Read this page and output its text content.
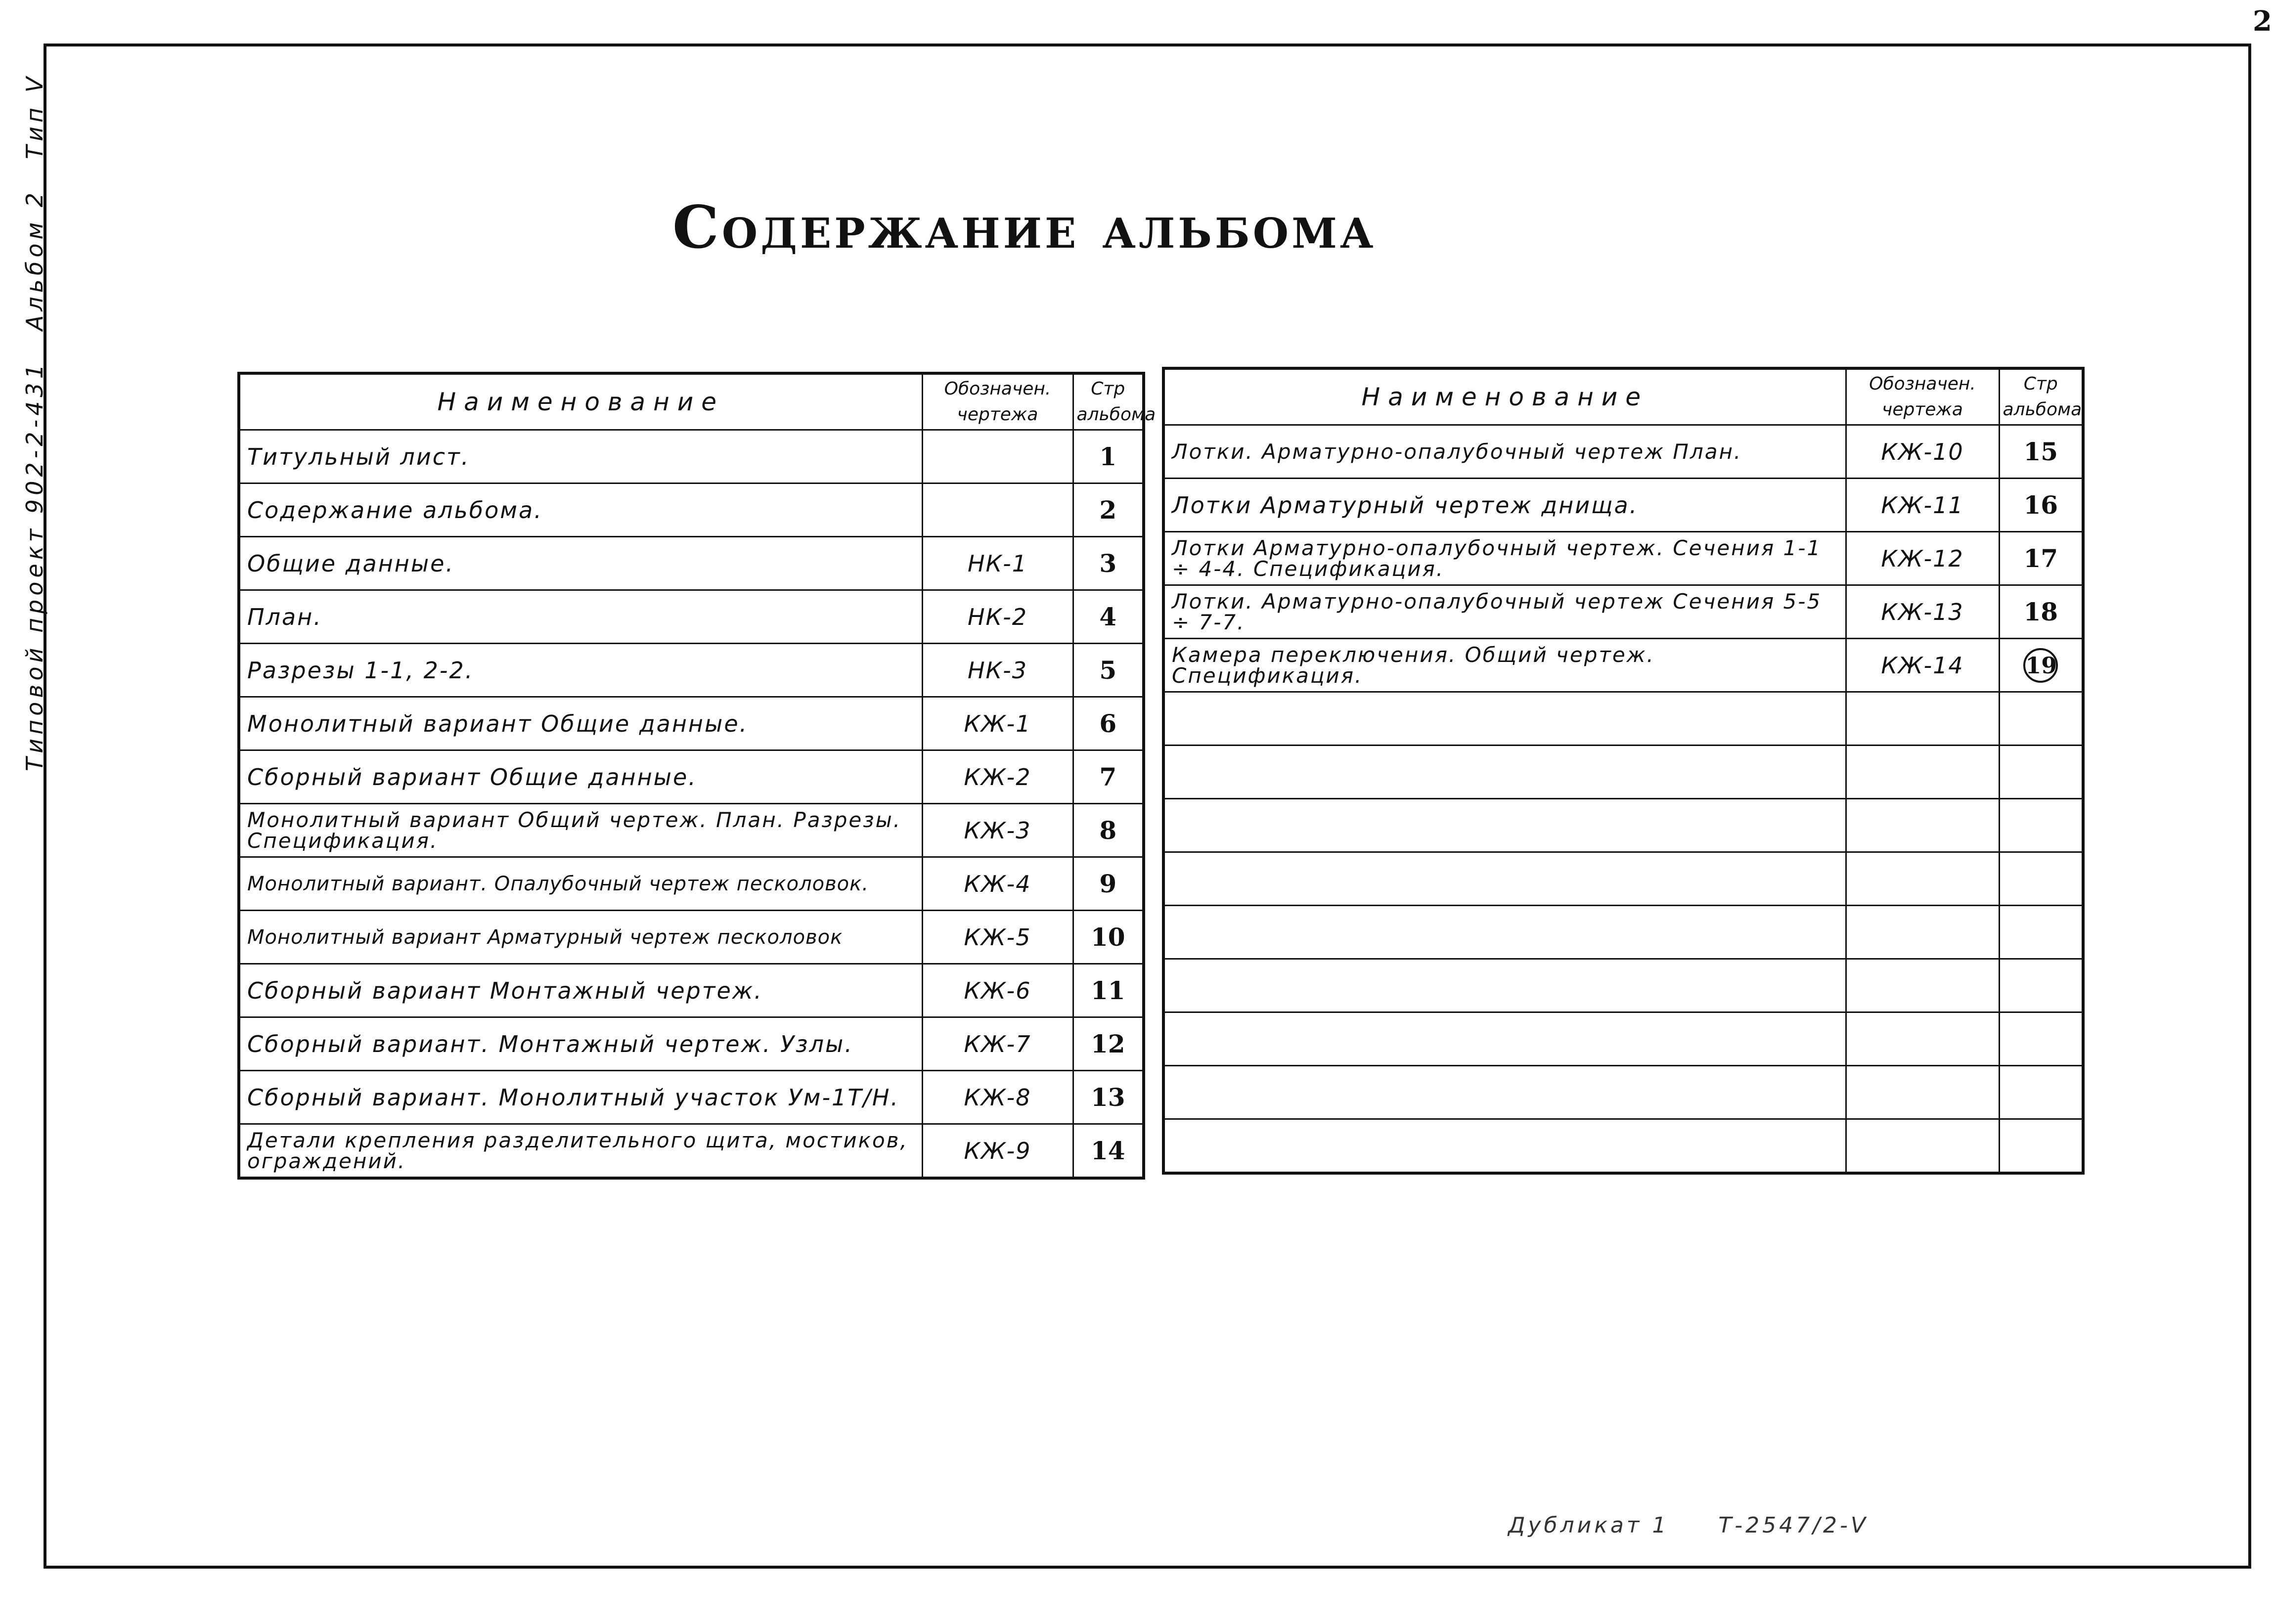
2
Типовой проект 902-2-431
Альбом 2
Тип V
Содержание альбома
Наименование	Обозначен. чертежа	Стр альбома
Титульный лист.		1
Содержание альбома.		2
Общие данные.	НК-1	3
План.	НК-2	4
Разрезы 1-1, 2-2.	НК-3	5
Монолитный вариант Общие данные.	КЖ-1	6
Сборный вариант Общие данные.	КЖ-2	7
Монолитный вариант Общий чертеж. План. Разрезы. Спецификация.	КЖ-3	8
Монолитный вариант. Опалубочный чертеж песколовок.	КЖ-4	9
Монолитный вариант Арматурный чертеж песколовок	КЖ-5	10
Сборный вариант Монтажный чертеж.	КЖ-6	11
Сборный вариант. Монтажный чертеж. Узлы.	КЖ-7	12
Сборный вариант. Монолитный участок Ум-1Т/Н.	КЖ-8	13
Детали крепления разделительного щита, мостиков, ограждений.	КЖ-9	14
Наименование	Обозначен. чертежа	Стр альбома
Лотки. Арматурно-опалубочный чертеж План.	КЖ-10	15
Лотки Арматурный чертеж днища.	КЖ-11	16
Лотки Арматурно-опалубочный чертеж. Сечения 1-1 ÷ 4-4. Спецификация.	КЖ-12	17
Лотки. Арматурно-опалубочный чертеж Сечения 5-5 ÷ 7-7.	КЖ-13	18
Камера переключения. Общий чертеж. Спецификация.	КЖ-14	19

Дубликат 1 Т-2547/2-V
